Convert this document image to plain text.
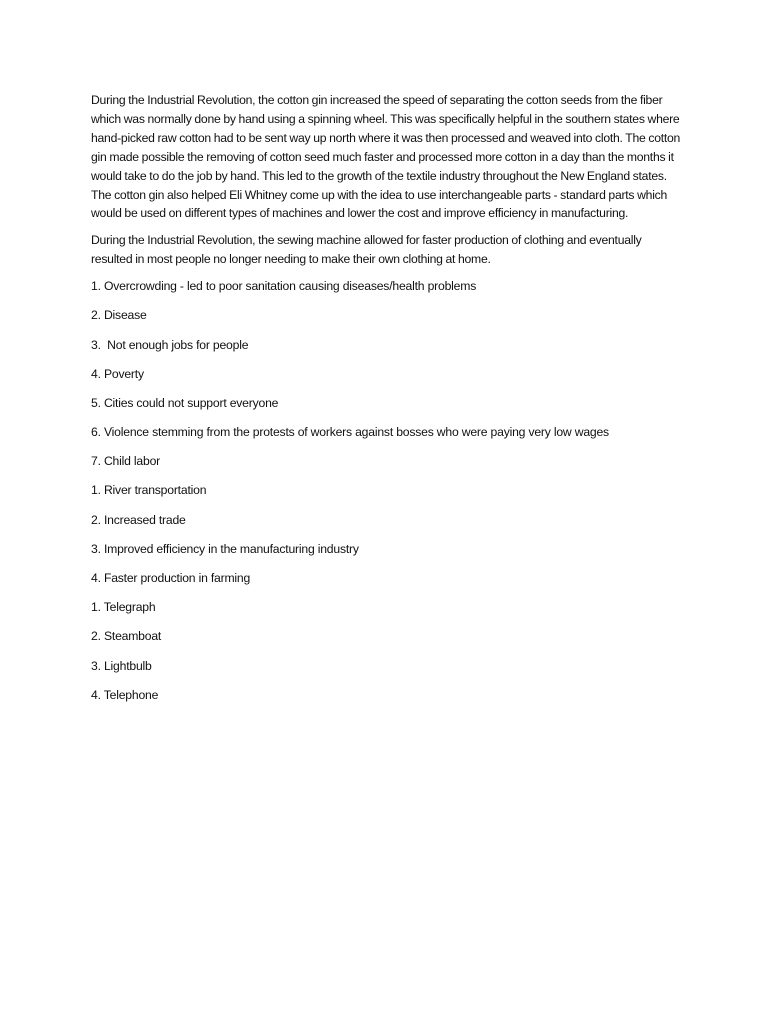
During the Industrial Revolution, the cotton gin increased the speed of separating the cotton seeds from the fiber which was normally done by hand using a spinning wheel. This was specifically helpful in the southern states where hand-picked raw cotton had to be sent way up north where it was then processed and weaved into cloth. The cotton gin made possible the removing of cotton seed much faster and processed more cotton in a day than the months it would take to do the job by hand. This led to the growth of the textile industry throughout the New England states. The cotton gin also helped Eli Whitney come up with the idea to use interchangeable parts - standard parts which would be used on different types of machines and lower the cost and improve efficiency in manufacturing.

During the Industrial Revolution, the sewing machine allowed for faster production of clothing and eventually resulted in most people no longer needing to make their own clothing at home.

1. Overcrowding - led to poor sanitation causing diseases/health problems
2. Disease
3.  Not enough jobs for people
4. Poverty
5. Cities could not support everyone
6. Violence stemming from the protests of workers against bosses who were paying very low wages
7. Child labor
1. River transportation
2. Increased trade
3. Improved efficiency in the manufacturing industry
4. Faster production in farming
1. Telegraph
2. Steamboat
3. Lightbulb
4. Telephone
